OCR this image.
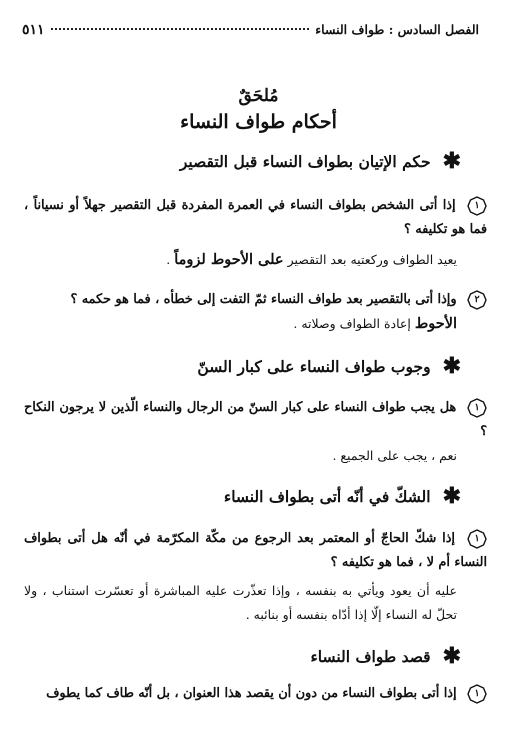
الفصل السادس : طواف النساء
٥١١
مُلحَقٌ
أحكام طواف النساء
✱
حكم الإتيان بطواف النساء قبل التقصير
١
إذا أتى الشخص بطواف النساء في العمرة المفردة قبل التقصير جهلاً أو نسياناً ، فما هو تكليفه ؟
يعيد الطواف وركعتيه بعد التقصير على الأحوط لزوماً .
٢
وإذا أتى بالتقصير بعد طواف النساء ثمّ التفت إلى خطأه ، فما هو حكمه ؟
الأحوط إعادة الطواف وصلاته .
✱
وجوب طواف النساء على كبار السنّ
١
هل يجب طواف النساء على كبار السنّ من الرجال والنساء الّذين لا يرجون النكاح ؟
نعم ، يجب على الجميع .
✱
الشكّ في أنّه أتى بطواف النساء
١
إذا شكّ الحاجّ أو المعتمر بعد الرجوع من مكّة المكرّمة في أنّه هل أتى بطواف النساء أم لا ، فما هو تكليفه ؟
عليه أن يعود ويأتي به بنفسه ، وإذا تعذّرت عليه المباشرة أو تعسّرت استناب ، ولا تحلّ له النساء إلّا إذا أدّاه بنفسه أو بنائبه .
✱
قصد طواف النساء
١
إذا أتى بطواف النساء من دون أن يقصد هذا العنوان ، بل أنّه طاف كما يطوف
